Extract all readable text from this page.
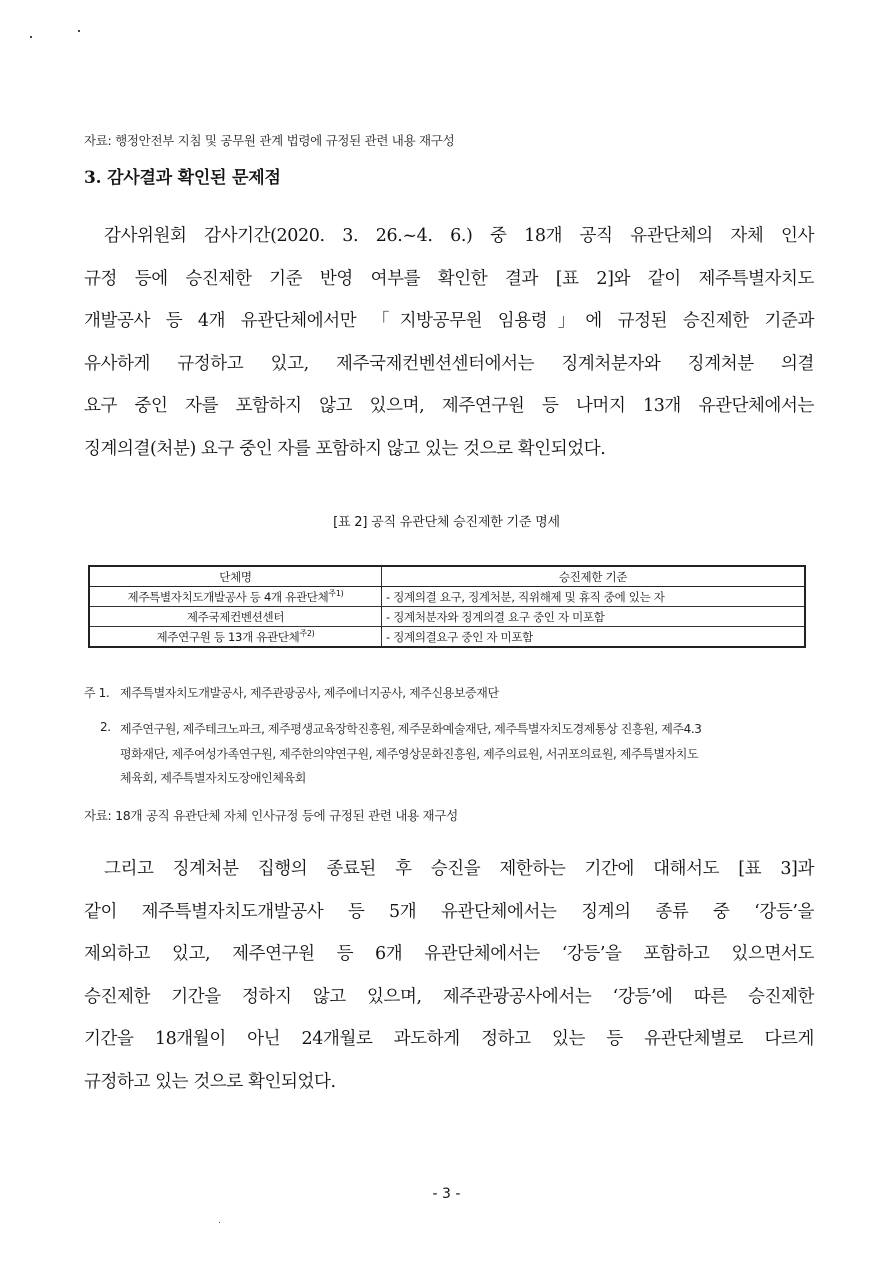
자료: 행정안전부 지침 및 공무원 관계 법령에 규정된 관련 내용 재구성
3. 감사결과 확인된 문제점
감사위원회 감사기간(2020. 3. 26.~4. 6.) 중 18개 공직 유관단체의 자체 인사
규정 등에 승진제한 기준 반영 여부를 확인한 결과 [표 2]와 같이 제주특별자치도
개발공사 등 4개 유관단체에서만 「지방공무원 임용령」에 규정된 승진제한 기준과
유사하게 규정하고 있고, 제주국제컨벤션센터에서는 징계처분자와 징계처분 의결
요구 중인 자를 포함하지 않고 있으며, 제주연구원 등 나머지 13개 유관단체에서는
징계의결(처분) 요구 중인 자를 포함하지 않고 있는 것으로 확인되었다.
[표 2] 공직 유관단체 승진제한 기준 명세
단체명	승진제한 기준
제주특별자치도개발공사 등 4개 유관단체$^{주1)}$	- 징계의결 요구, 징계처분, 직위해제 및 휴직 중에 있는 자
제주국제컨벤션센터	- 징계처분자와 징계의결 요구 중인 자 미포함
제주연구원 등 13개 유관단체$^{주2)}$	- 징계의결요구 중인 자 미포함
주 1. 제주특별자치도개발공사, 제주관광공사, 제주에너지공사, 제주신용보증재단
2. 제주연구원, 제주테크노파크, 제주평생교육장학진흥원, 제주문화예술재단, 제주특별자치도경제통상 진흥원, 제주4.3
평화재단, 제주여성가족연구원, 제주한의약연구원, 제주영상문화진흥원, 제주의료원, 서귀포의료원, 제주특별자치도
체육회, 제주특별자치도장애인체육회
자료: 18개 공직 유관단체 자체 인사규정 등에 규정된 관련 내용 재구성
그리고 징계처분 집행의 종료된 후 승진을 제한하는 기간에 대해서도 [표 3]과
같이 제주특별자치도개발공사 등 5개 유관단체에서는 징계의 종류 중 ‘강등’을
제외하고 있고, 제주연구원 등 6개 유관단체에서는 ‘강등’을 포함하고 있으면서도
승진제한 기간을 정하지 않고 있으며, 제주관광공사에서는 ‘강등’에 따른 승진제한
기간을 18개월이 아닌 24개월로 과도하게 정하고 있는 등 유관단체별로 다르게
규정하고 있는 것으로 확인되었다.
- 3 -
